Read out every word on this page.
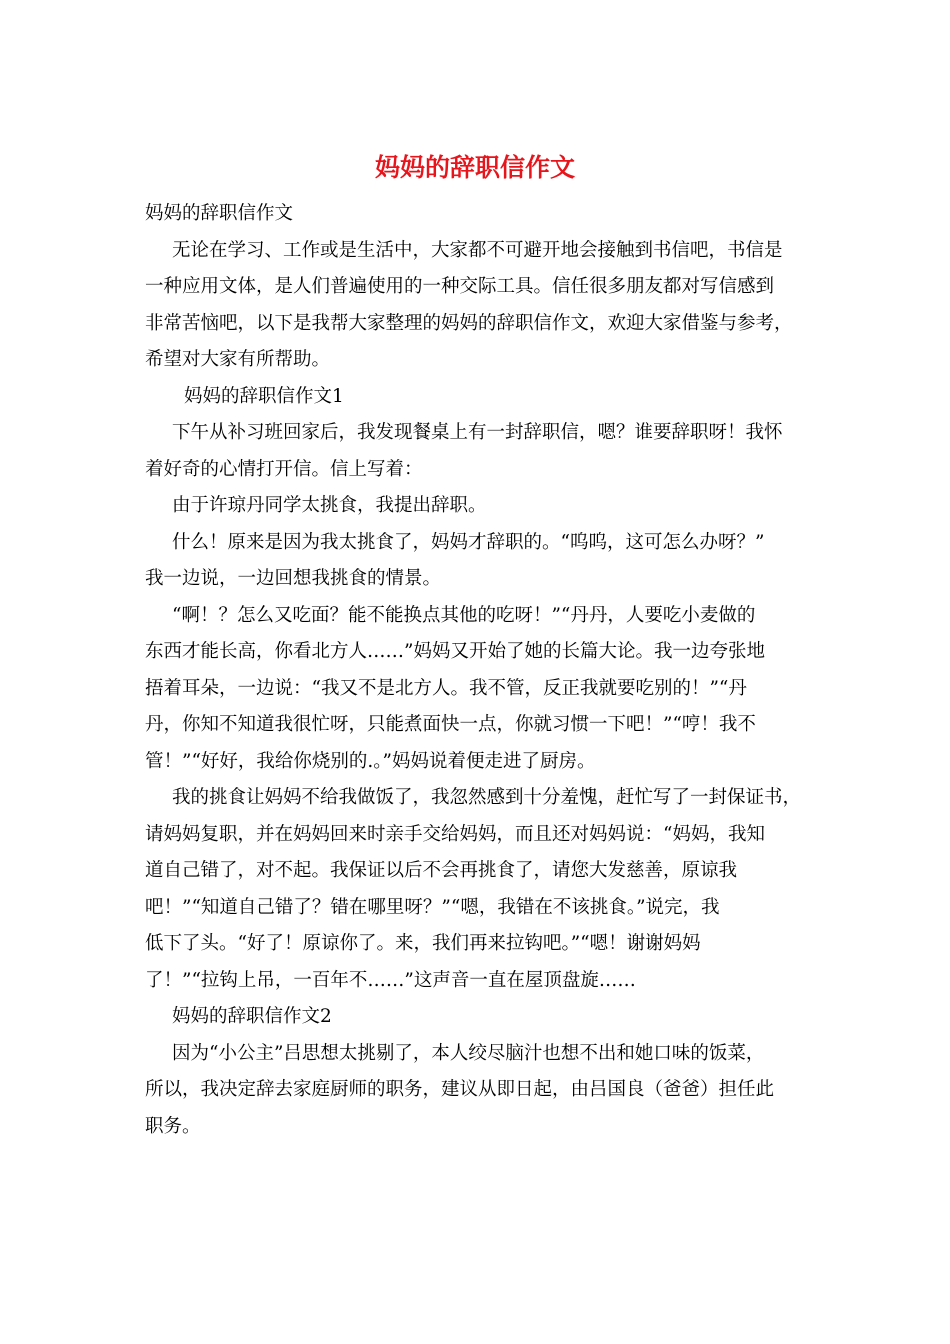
妈妈的辞职信作文

妈妈的辞职信作文

无论在学习、工作或是生活中，大家都不可避开地会接触到书信吧，书信是

一种应用文体，是人们普遍使用的一种交际工具。信任很多朋友都对写信感到

非常苦恼吧，以下是我帮大家整理的妈妈的辞职信作文，欢迎大家借鉴与参考，

希望对大家有所帮助。

妈妈的辞职信作文1

下午从补习班回家后，我发现餐桌上有一封辞职信，嗯？谁要辞职呀！我怀

着好奇的心情打开信。信上写着：

由于许琼丹同学太挑食，我提出辞职。

什么！原来是因为我太挑食了，妈妈才辞职的。“呜呜，这可怎么办呀？”

我一边说，一边回想我挑食的情景。

“啊！？怎么又吃面？能不能换点其他的吃呀！”“丹丹，人要吃小麦做的

东西才能长高，你看北方人……”妈妈又开始了她的长篇大论。我一边夸张地

捂着耳朵，一边说：“我又不是北方人。我不管，反正我就要吃别的！”“丹

丹，你知不知道我很忙呀，只能煮面快一点，你就习惯一下吧！”“哼！我不

管！”“好好，我给你烧别的.。”妈妈说着便走进了厨房。

我的挑食让妈妈不给我做饭了，我忽然感到十分羞愧，赶忙写了一封保证书，

请妈妈复职，并在妈妈回来时亲手交给妈妈，而且还对妈妈说：“妈妈，我知

道自己错了，对不起。我保证以后不会再挑食了，请您大发慈善，原谅我

吧！”“知道自己错了？错在哪里呀？”“嗯，我错在不该挑食。”说完，我

低下了头。“好了！原谅你了。来，我们再来拉钩吧。”“嗯！谢谢妈妈

了！”“拉钩上吊，一百年不……”这声音一直在屋顶盘旋……

妈妈的辞职信作文2

因为“小公主”吕思想太挑剔了，本人绞尽脑汁也想不出和她口味的饭菜，

所以，我决定辞去家庭厨师的职务，建议从即日起，由吕国良（爸爸）担任此

职务。
